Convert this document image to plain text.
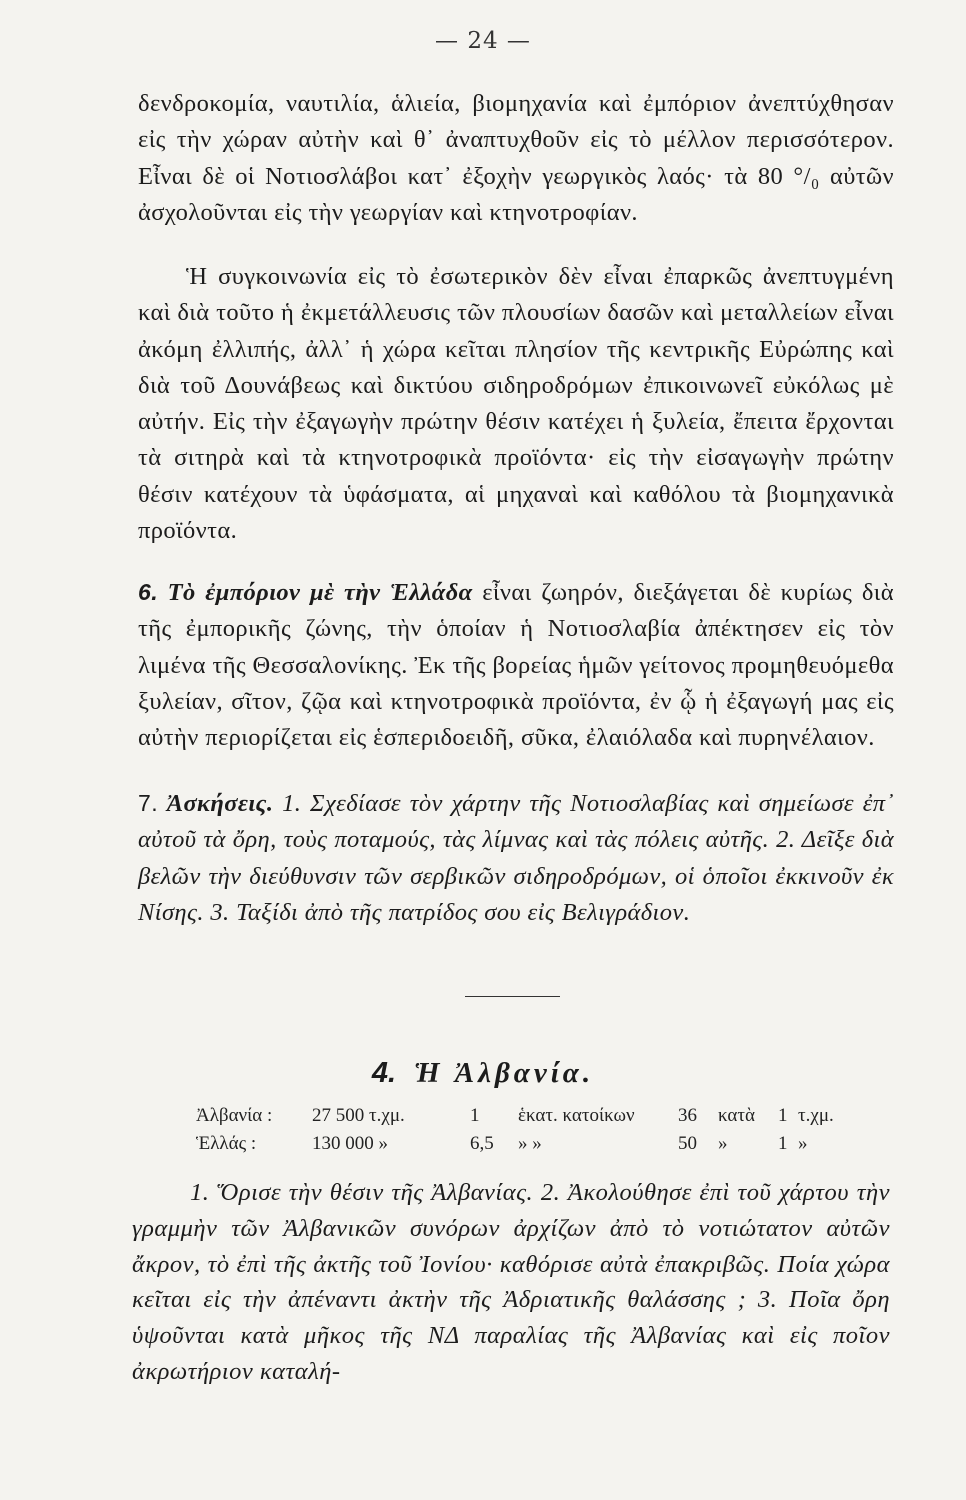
— 24 —
δενδροκομία, ναυτιλία, ἁλιεία, βιομηχανία καὶ ἐμπόριον ἀνεπτύχθησαν εἰς τὴν χώραν αὐτὴν καὶ θ᾽ ἀναπτυχθοῦν εἰς τὸ μέλλον περισσότερον. Εἶναι δὲ οἱ Νοτιοσλάβοι κατ᾽ ἐξοχὴν γεωργικὸς λαός· τὰ 80 °/₀ αὐτῶν ἀσχολοῦνται εἰς τὴν γεωργίαν καὶ κτηνοτροφίαν.
Ἡ συγκοινωνία εἰς τὸ ἐσωτερικὸν δὲν εἶναι ἐπαρκῶς ἀνεπτυγμένη καὶ διὰ τοῦτο ἡ ἐκμετάλλευσις τῶν πλουσίων δασῶν καὶ μεταλλείων εἶναι ἀκόμη ἐλλιπής, ἀλλ᾽ ἡ χώρα κεῖται πλησίον τῆς κεντρικῆς Εὐρώπης καὶ διὰ τοῦ Δουνάβεως καὶ δικτύου σιδηροδρόμων ἐπικοινωνεῖ εὐκόλως μὲ αὐτήν. Εἰς τὴν ἐξαγωγὴν πρώτην θέσιν κατέχει ἡ ξυλεία, ἔπειτα ἔρχονται τὰ σιτηρὰ καὶ τὰ κτηνοτροφικὰ προϊόντα· εἰς τὴν εἰσαγωγὴν πρώτην θέσιν κατέχουν τὰ ὑφάσματα, αἱ μηχαναὶ καὶ καθόλου τὰ βιομηχανικὰ προϊόντα.
6. Τὸ ἐμπόριον μὲ τὴν Ἑλλάδα εἶναι ζωηρόν, διεξάγεται δὲ κυρίως διὰ τῆς ἐμπορικῆς ζώνης, τὴν ὁποίαν ἡ Νοτιοσλαβία ἀπέκτησεν εἰς τὸν λιμένα τῆς Θεσσαλονίκης. Ἐκ τῆς βορείας ἡμῶν γείτονος προμηθευόμεθα ξυλείαν, σῖτον, ζῷα καὶ κτηνοτροφικὰ προϊόντα, ἐν ᾧ ἡ ἐξαγωγή μας εἰς αὐτὴν περιορίζεται εἰς ἑσπεριδοειδῆ, σῦκα, ἐλαιόλαδα καὶ πυρηνέλαιον.
7. Ἀσκήσεις. 1. Σχεδίασε τὸν χάρτην τῆς Νοτιοσλαβίας καὶ σημείωσε ἐπ᾽ αὐτοῦ τὰ ὄρη, τοὺς ποταμούς, τὰς λίμνας καὶ τὰς πόλεις αὐτῆς. 2. Δεῖξε διὰ βελῶν τὴν διεύθυνσιν τῶν σερβικῶν σιδηροδρόμων, οἱ ὁποῖοι ἐκκινοῦν ἐκ Νίσης. 3. Ταξίδι ἀπὸ τῆς πατρίδος σου εἰς Βελιγράδιον.
4. Ἡ Ἀλβανία.
Ἀλβανία :	27 500 τ.χμ.	1	ἑκατ. κατοίκων	36	κατὰ	1	τ.χμ.
Ἑλλάς :	130 000 »	6,5	» »	50	»	1	»
1. Ὅρισε τὴν θέσιν τῆς Ἀλβανίας. 2. Ἀκολούθησε ἐπὶ τοῦ χάρτου τὴν γραμμὴν τῶν Ἀλβανικῶν συνόρων ἀρχίζων ἀπὸ τὸ νοτιώτατον αὐτῶν ἄκρον, τὸ ἐπὶ τῆς ἀκτῆς τοῦ Ἰονίου· καθόρισε αὐτὰ ἐπακριβῶς. Ποία χώρα κεῖται εἰς τὴν ἀπέναντι ἀκτὴν τῆς Ἀδριατικῆς θαλάσσης ; 3. Ποῖα ὄρη ὑψοῦνται κατὰ μῆκος τῆς ΝΔ παραλίας τῆς Ἀλβανίας καὶ εἰς ποῖον ἀκρωτήριον καταλή-
